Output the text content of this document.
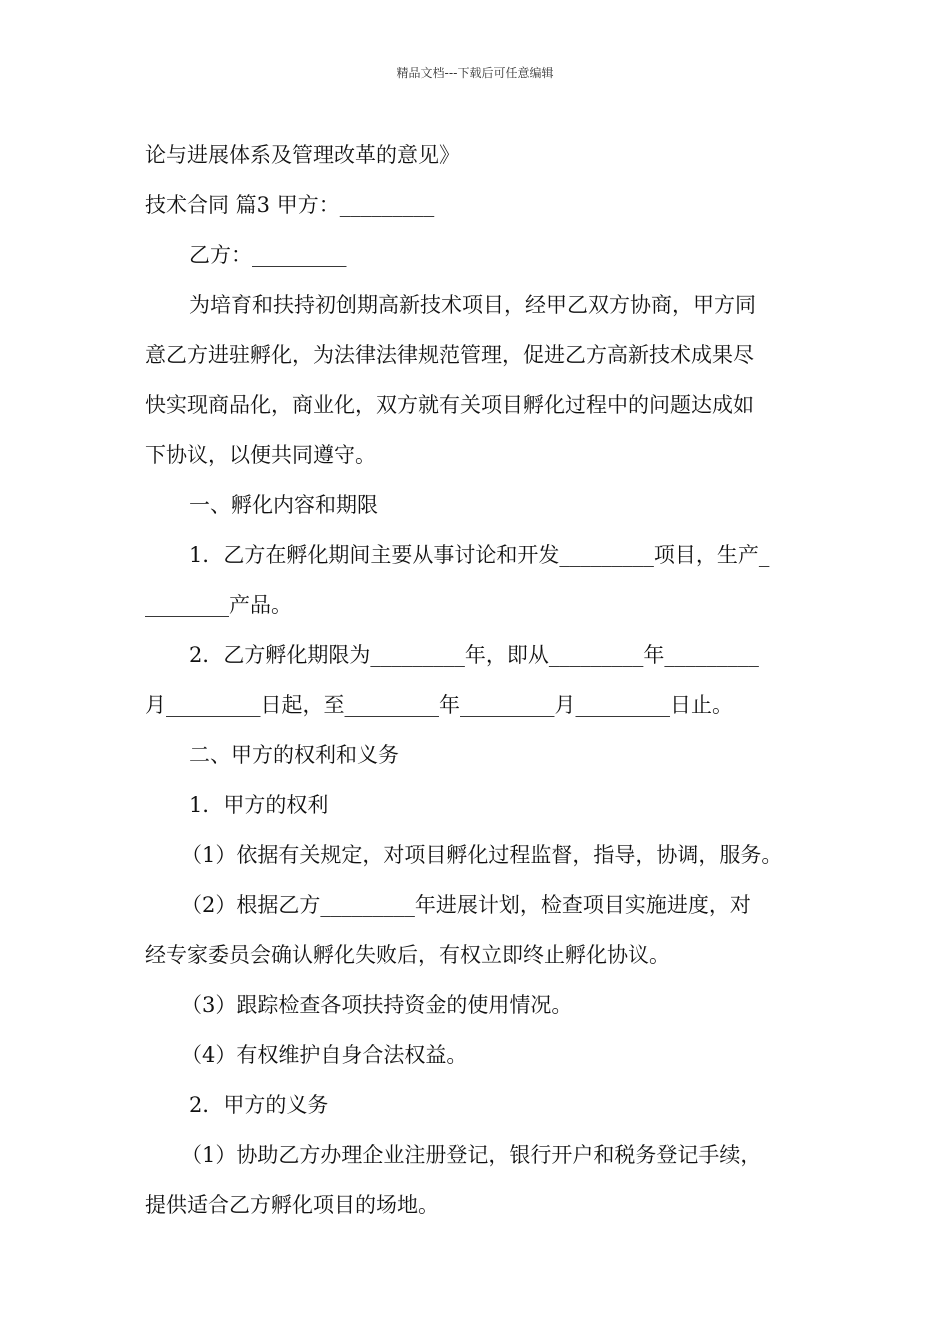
精品文档---下载后可任意编辑
论与进展体系及管理改革的意见》
技术合同 篇3 甲方：_________
乙方：_________
为培育和扶持初创期高新技术项目，经甲乙双方协商，甲方同
意乙方进驻孵化，为法律法律规范管理，促进乙方高新技术成果尽
快实现商品化，商业化，双方就有关项目孵化过程中的问题达成如
下协议，以便共同遵守。
一、孵化内容和期限
1．乙方在孵化期间主要从事讨论和开发_________项目，生产_
________产品。
2．乙方孵化期限为_________年，即从_________年_________
月_________日起，至_________年_________月_________日止。
二、甲方的权利和义务
1．甲方的权利
（1）依据有关规定，对项目孵化过程监督，指导，协调，服务。
（2）根据乙方_________年进展计划，检查项目实施进度，对
经专家委员会确认孵化失败后，有权立即终止孵化协议。
（3）跟踪检查各项扶持资金的使用情况。
（4）有权维护自身合法权益。
2．甲方的义务
（1）协助乙方办理企业注册登记，银行开户和税务登记手续，
提供适合乙方孵化项目的场地。
